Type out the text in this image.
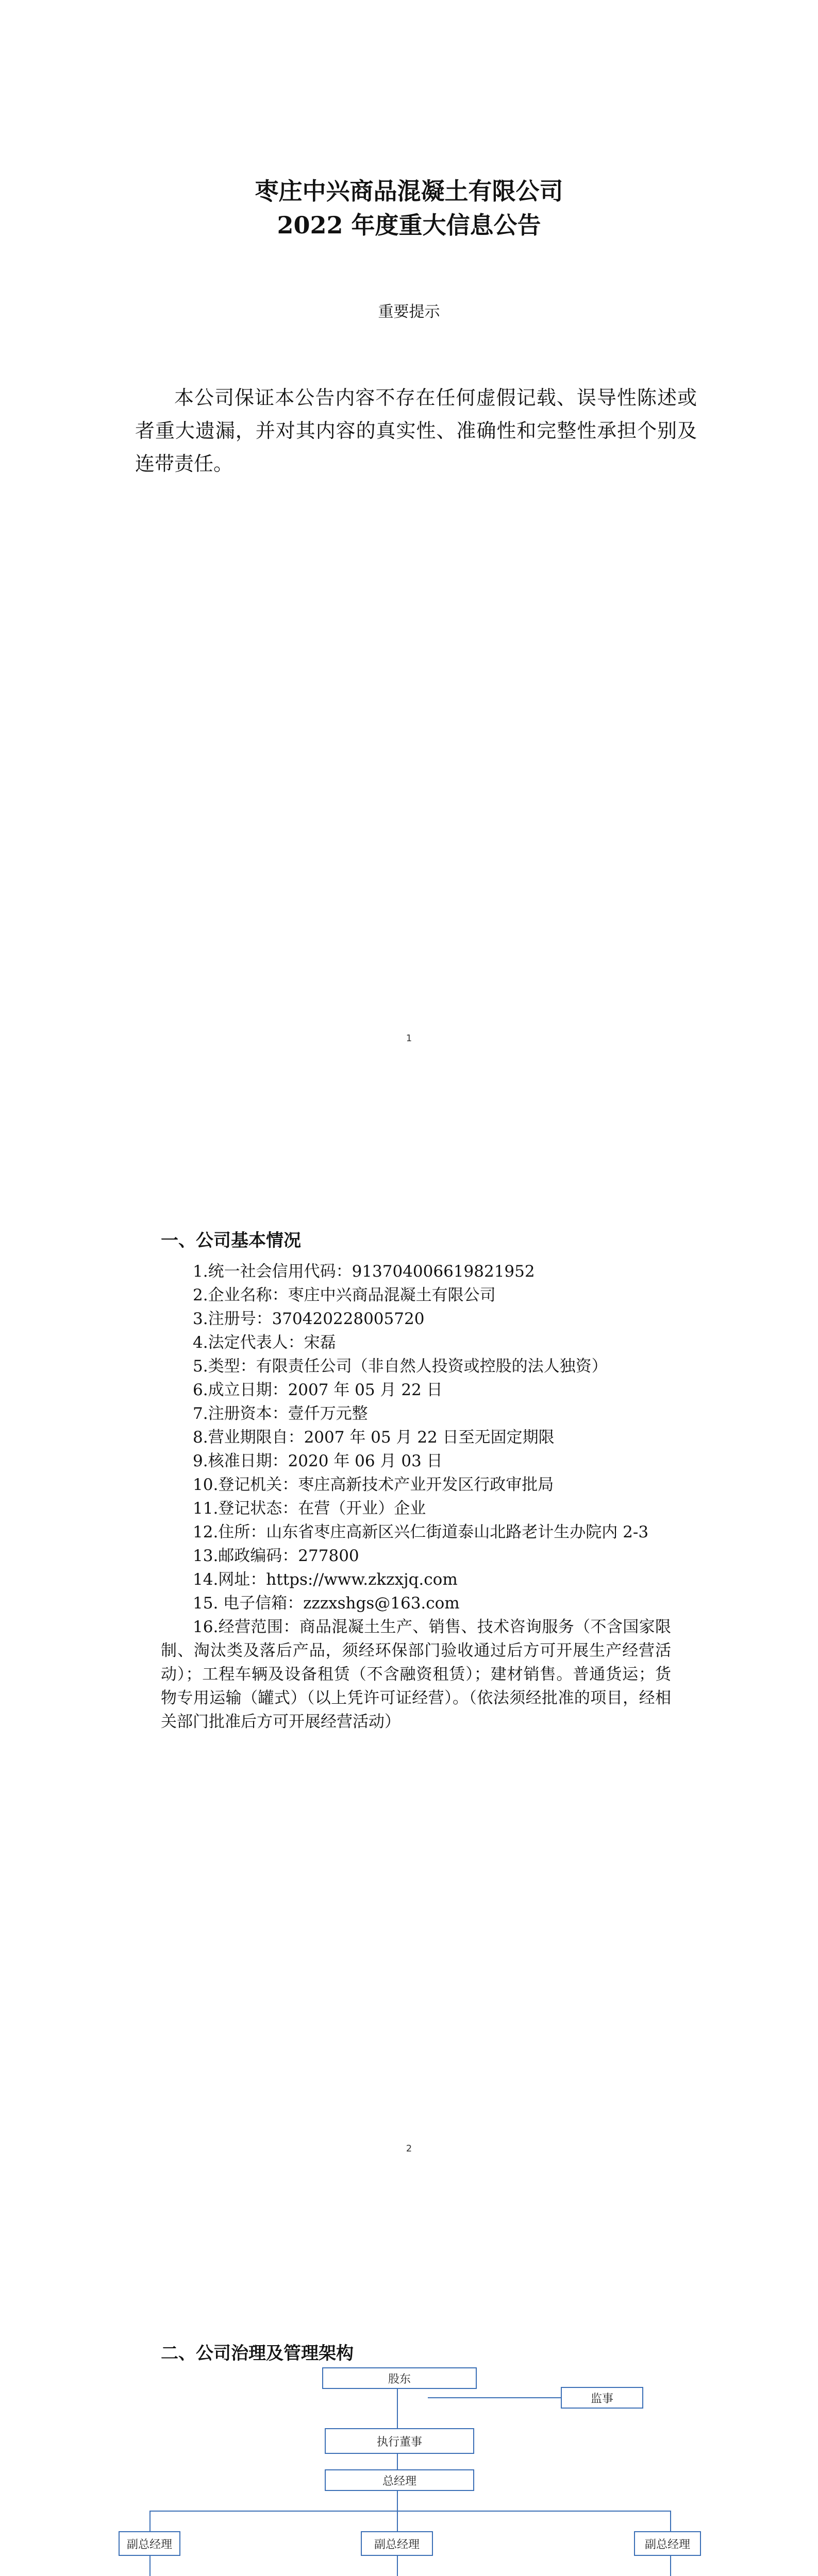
枣庄中兴商品混凝土有限公司
2022 年度重大信息公告
重要提示
本公司保证本公告内容不存在任何虚假记载、误导性陈述或者重大遗漏，并对其内容的真实性、准确性和完整性承担个别及连带责任。
1
一、公司基本情况

1.统一社会信用代码：913704006619821952

2.企业名称：枣庄中兴商品混凝土有限公司

3.注册号：370420228005720

4.法定代表人：宋磊

5.类型：有限责任公司（非自然人投资或控股的法人独资）

6.成立日期：2007 年 05 月 22 日

7.注册资本：壹仟万元整

8.营业期限自：2007 年 05 月 22 日至无固定期限

9.核准日期：2020 年 06 月 03 日

10.登记机关：枣庄高新技术产业开发区行政审批局

11.登记状态：在营（开业）企业

12.住所：山东省枣庄高新区兴仁街道泰山北路老计生办院内 2-3

13.邮政编码：277800

14.网址：https://www.zkzxjq.com

15. 电子信箱：zzzxshgs@163.com

16.经营范围：商品混凝土生产、销售、技术咨询服务（不含国家限制、淘汰类及落后产品，须经环保部门验收通过后方可开展生产经营活动）；工程车辆及设备租赁（不含融资租赁）；建材销售。普通货运；货物专用运输（罐式）（以上凭许可证经营）。（依法须经批准的项目，经相关部门批准后方可开展经营活动）

2
二、公司治理及管理架构
股东
监事
执行董事
总经理
副总经理	副总经理	副总经理
